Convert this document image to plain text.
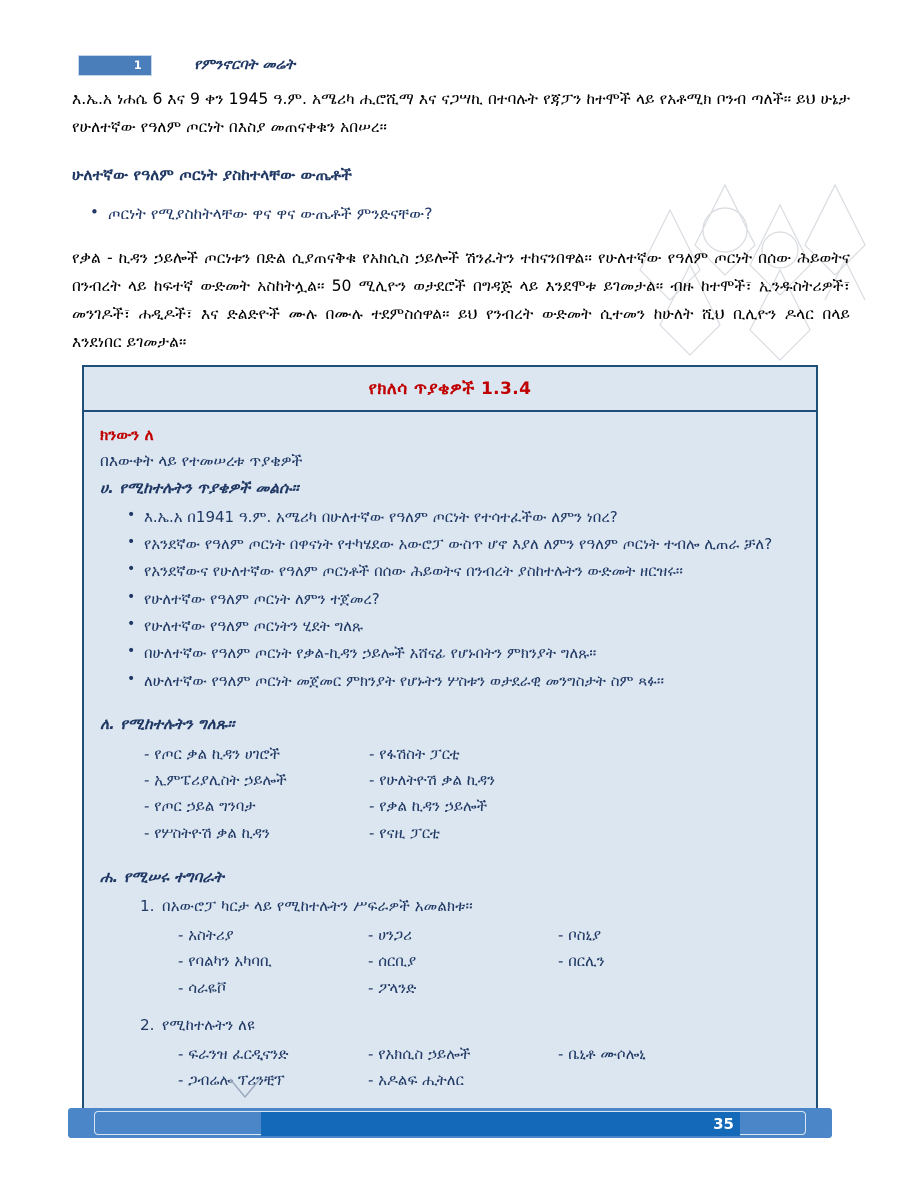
1	የምንኖርባት መሬት

እ.ኤ.አ ነሐሴ 6 እና 9 ቀን 1945 ዓ.ም. አሜሪካ ሒሮሺማ እና ናጋሣኪ በተባሉት የጃፓን ከተሞች ላይ የአቶሚክ ቦንብ ጣለች፡፡ ይህ ሁኔታ የሁለተኛው የዓለም ጦርነት በእስያ መጠናቀቁን አበሠረ፡፡

ሁለተኛው የዓለም ጦርነት ያስከተላቸው ውጤቶች
• ጦርነት የሚያስከትላቸው ዋና ዋና ውጤቶች ምንድናቸው?

የቃል - ኪዳን ኃይሎች ጦርነቱን በድል ሲያጠናቅቁ የአክሲስ ኃይሎች ሽንፈትን ተከናንበዋል፡፡ የሁለተኛው የዓለም ጦርነት በሰው ሕይወትና በንብረት ላይ ከፍተኛ ውድመት አስከትሏል፡፡ 50 ሚሊዮን ወታደሮች በግዳጅ ላይ እንደሞቱ ይገመታል፡፡ ብዙ ከተሞች፣ ኢንዱስትሪዎች፣ መንገዶች፣ ሐዲዶች፣ እና ድልድዮች ሙሉ በሙሉ ተደምስሰዋል፡፡ ይህ የንብረት ውድመት ሲተመን ከሁለት ሺህ ቢሊዮን ዶላር በላይ እንደነበር ይገመታል፡፡

የክለሳ ጥያቄዎች 1.3.4
ክንውን ለ
በእውቀት ላይ የተመሠረቱ ጥያቄዎች
ሀ. የሚከተሉትን ጥያቄዎች መልሱ፡፡
• እ.ኤ.አ በ1941 ዓ.ም. አሜሪካ በሁለተኛው የዓለም ጦርነት የተሳተፈችው ለምን ነበረ?
• የአንደኛው የዓለም ጦርነት በዋናነት የተካሄደው አውሮፓ ውስጥ ሆኖ እያለ ለምን የዓለም ጦርነት ተብሎ ሊጠራ ቻለ?
• የአንደኛውና የሁለተኛው የዓለም ጦርነቶች በሰው ሕይወትና በንብረት ያስከተሉትን ውድመት ዘርዝሩ፡፡
• የሁለተኛው የዓለም ጦርነት ለምን ተጀመረ?
• የሁለተኛው የዓለም ጦርነትን ሂደት ግለጹ
• በሁለተኛው የዓለም ጦርነት የቃል-ኪዳን ኃይሎች አሸናፊ የሆኑበትን ምክንያት ግለጹ፡፡
• ለሁለተኛው የዓለም ጦርነት መጀመር ምክንያት የሆኑትን ሦስቱን ወታደራዊ መንግስታት ስም ጻፉ፡፡
ለ. የሚከተሉትን ግለጹ፡፡
- የጦር ቃል ኪዳን ሀገሮች
- ኢምፔሪያሊስት ኃይሎች
- የጦር ኃይል ግንባታ
- የሦስትዮሽ ቃል ኪዳን
- የፋሽስት ፓርቲ
- የሁለትዮሽ ቃል ኪዳን
- የቃል ኪዳን ኃይሎች
- የናዚ ፓርቲ
ሐ. የሚሠሩ ተግባራት
በአውሮፓ ካርታ ላይ የሚከተሉትን ሥፍራዎች አመልክቱ፡፡
- አስትሪያ
- የባልካን አካባቢ
- ሳራዬቮ
- ሀንጋሪ
- ሰርቢያ
- ፖላንድ
- ቦስኒያ
- በርሊን
የሚከተሉትን ለዩ
- ፍራንዝ ፈርዲናንድ
- ጋብሬሎ ፕሪንቺፕ
- የአክሲስ ኃይሎች
- አዶልፍ ሒትለር
- ቤኒቶ ሙሶሎኒ
35
